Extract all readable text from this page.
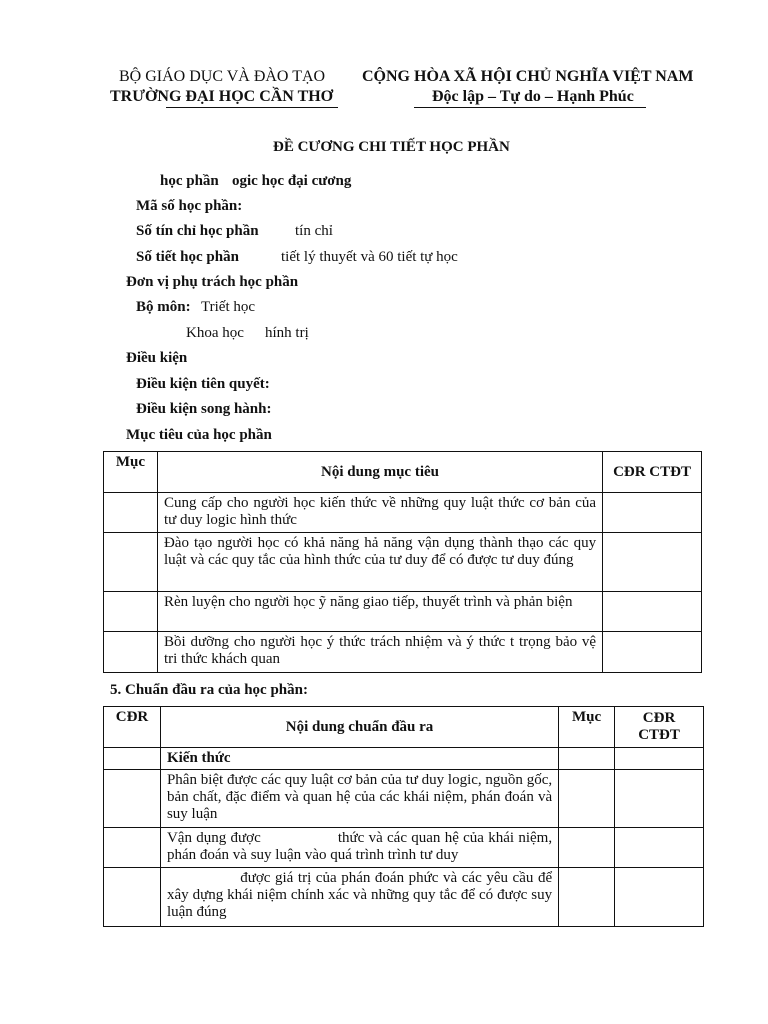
BỘ GIÁO DỤC VÀ ĐÀO TẠO
TRƯỜNG ĐẠI HỌC CẦN THƠ
CỘNG HÒA XÃ HỘI CHỦ NGHĨA VIỆT NAM
Độc lập – Tự do – Hạnh Phúc
ĐỀ CƯƠNG CHI TIẾT HỌC PHẦN
học phần ogic học đại cương
Mã số học phần:
Số tín chỉ học phần tín chỉ
Số tiết học phần	tiết lý thuyết và 60 tiết tự học
Đơn vị phụ trách học phần
Bộ môn: Triết học
Khoa học hính trị
Điều kiện
Điều kiện tiên quyết:
Điều kiện song hành:
Mục tiêu của học phần
Mục	Nội dung mục tiêu	CĐR CTĐT
	Cung cấp cho người học kiến thức về những quy luật thức cơ bản của tư duy logic hình thức	
	Đào tạo người học có khả năng hả năng vận dụng thành thạo các quy luật và các quy tắc của hình thức của tư duy để có được tư duy đúng	
	Rèn luyện cho người học ỹ năng giao tiếp, thuyết trình và phản biện	
	Bồi dưỡng cho người học ý thức trách nhiệm và ý thức t trọng bảo vệ tri thức khách quan	
5. Chuẩn đầu ra của học phần:
CĐR	Nội dung chuẩn đầu ra	Mục	CĐR CTĐT
	Kiến thức		
	Phân biệt được các quy luật cơ bản của tư duy logic, nguồn gốc, bản chất, đặc điểm và quan hệ của các khái niệm, phán đoán và suy luận		
	Vận dụng được                  thức và các quan hệ của khái niệm, phán đoán và suy luận vào quá trình trình tư duy		
	được giá trị của phán đoán phức và các yêu cầu để xây dựng khái niệm chính xác và những quy tắc để có được suy luận đúng		
